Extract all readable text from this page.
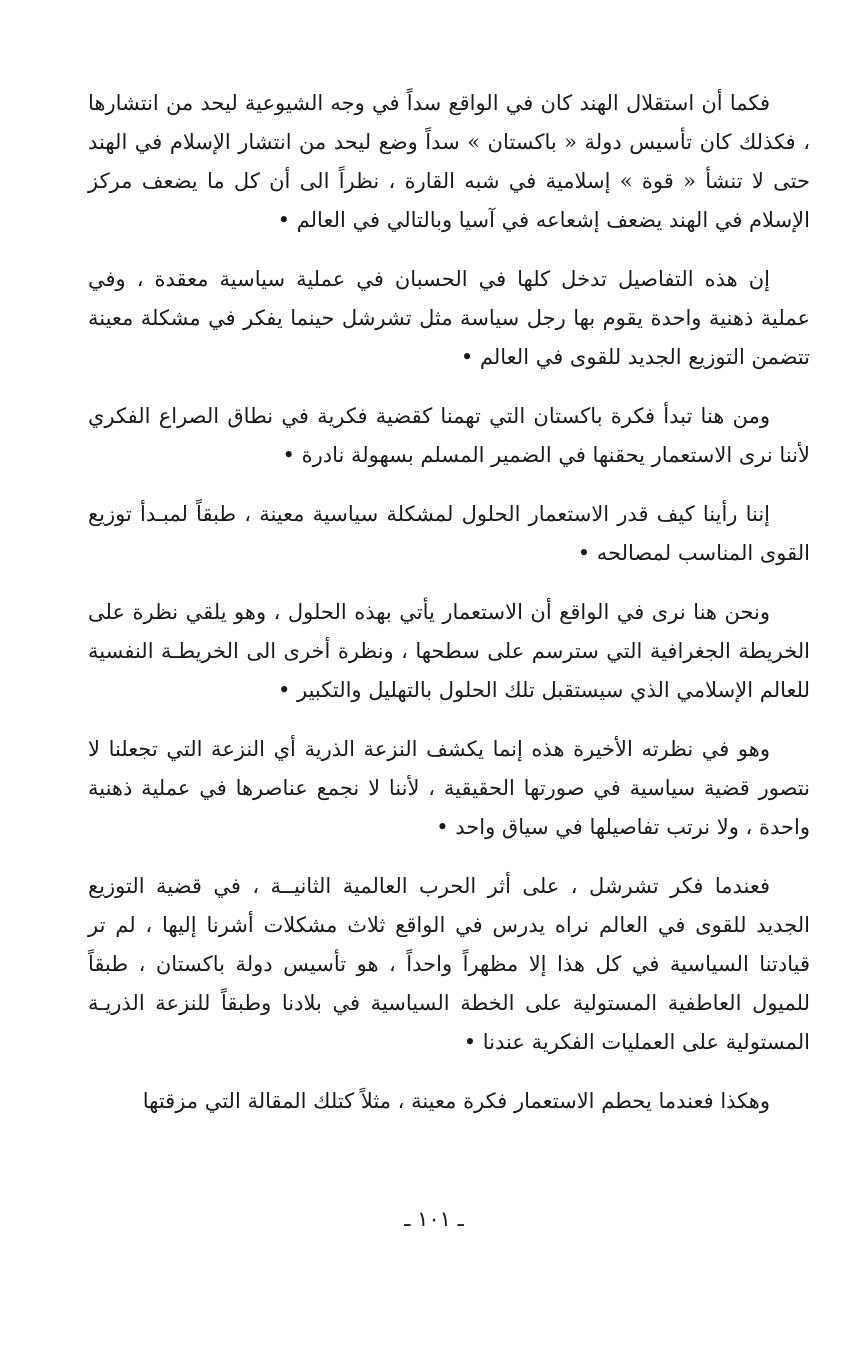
فكما أن استقلال الهند كان في الواقع سداً في وجه الشيوعية ليحد من انتشارها ، فكذلك كان تأسيس دولة « باكستان » سداً وضع ليحد من انتشار الإسلام في الهند حتى لا تنشأ « قوة » إسلامية في شبه القارة ، نظراً الى أن كل ما يضعف مركز الإسلام في الهند يضعف إشعاعه في آسيا وبالتالي في العالم •

إن هذه التفاصيل تدخل كلها في الحسبان في عملية سياسية معقدة ، وفي عملية ذهنية واحدة يقوم بها رجل سياسة مثل تشرشل حينما يفكر في مشكلة معينة تتضمن التوزيع الجديد للقوى في العالم •

ومن هنا تبدأ فكرة باكستان التي تهمنا كقضية فكرية في نطاق الصراع الفكري لأننا نرى الاستعمار يحقنها في الضمير المسلم بسهولة نادرة •

إننا رأينا كيف قدر الاستعمار الحلول لمشكلة سياسية معينة ، طبقاً لمبـدأ توزيع القوى المناسب لمصالحه •

ونحن هنا نرى في الواقع أن الاستعمار يأتي بهذه الحلول ، وهو يلقي نظرة على الخريطة الجغرافية التي سترسم على سطحها ، ونظرة أخرى الى الخريطـة النفسية للعالم الإسلامي الذي سيستقبل تلك الحلول بالتهليل والتكبير •

وهو في نظرته الأخيرة هذه إنما يكشف النزعة الذرية أي النزعة التي تجعلنا لا نتصور قضية سياسية في صورتها الحقيقية ، لأننا لا نجمع عناصرها في عملية ذهنية واحدة ، ولا نرتب تفاصيلها في سياق واحد •

فعندما فكر تشرشل ، على أثر الحرب العالمية الثانيــة ، في قضية التوزيع الجديد للقوى في العالم نراه يدرس في الواقع ثلاث مشكلات أشرنا إليها ، لم تر قيادتنا السياسية في كل هذا إلا مظهراً واحداً ، هو تأسيس دولة باكستان ، طبقاً للميول العاطفية المستولية على الخطة السياسية في بلادنا وطبقاً للنزعة الذريـة المستولية على العمليات الفكرية عندنا •

وهكذا فعندما يحطم الاستعمار فكرة معينة ، مثلاً كتلك المقالة التي مزقتها

ـ ١٠١ ـ
